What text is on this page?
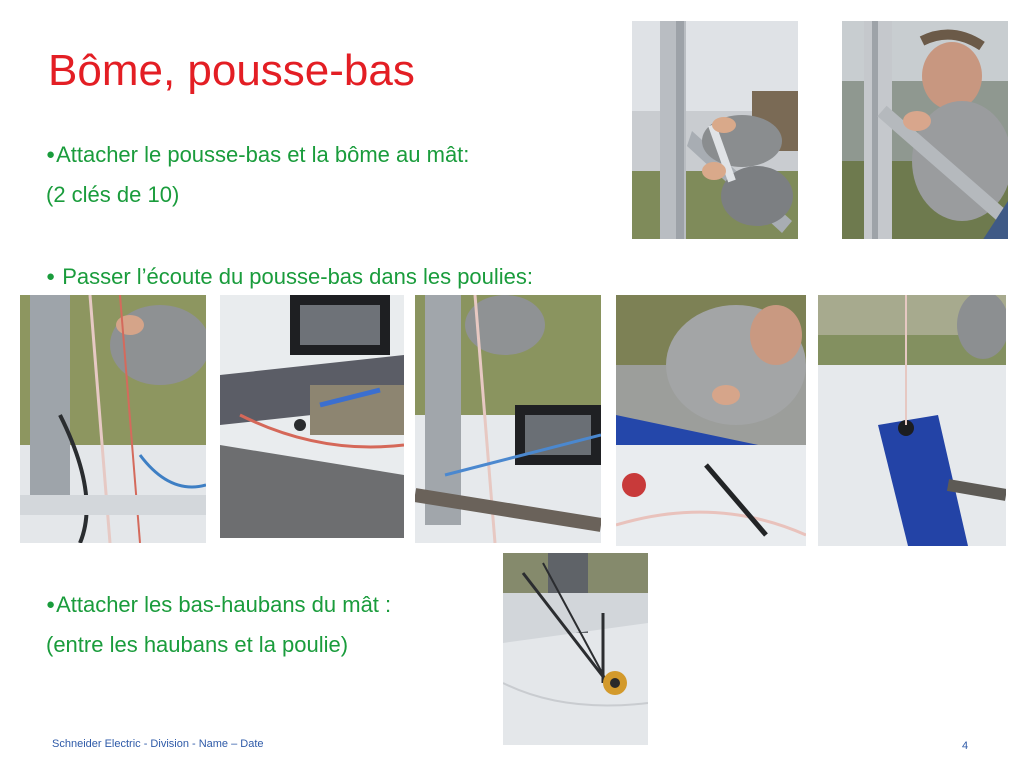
Bôme, pousse-bas

●Attacher le pousse-bas et la bôme au mât:

(2 clés de 10)

● Passer l’écoute du pousse-bas dans les poulies:

●Attacher les bas-haubans du mât :

(entre les haubans et la poulie)

Schneider Electric - Division - Name – Date	4
